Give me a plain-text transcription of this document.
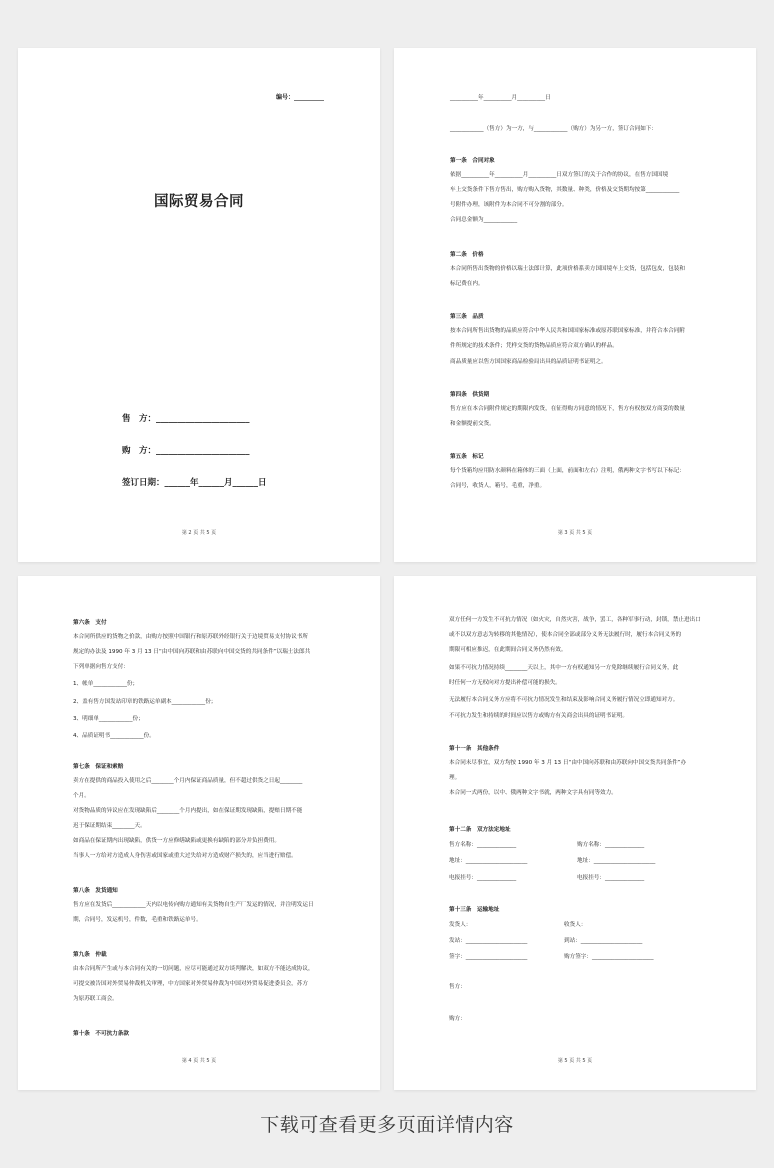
编号：__________
国际贸易合同
售　方：______________________
购　方：______________________
签订日期：______年______月______日
第 2 页 共 5 页
__________年__________月__________日
____________（售方）为一方，与____________（购方）为另一方，签订合同如下：
第一条　合同对象
依据__________年__________月__________日双方签订的关于合作的协议，在售方国国境
车上交货条件下售方售出，购方购入货物，其数量、种类，价格及交货期均按第____________
号附件办理，该附件为本合同不可分割的部分。
合同总金额为____________
第二条　价格
本合同所售出货物的价格以瑞士法郎计算，此项价格系卖方国国境车上交货，包括包皮，包装和
标记费在内。
第三条　品质
按本合同所售出货物的品质应符合中华人民共和国国家标准或原苏联国家标准，并符合本合同附
件所规定的技术条件；凭样交货的货物品质应符合双方确认的样品。
商品质量应以售方国国家商品检验局出具的品质证明书证明之。
第四条　供货期
售方应在本合同附件规定的期限内发货，在征得购方同意的情况下，售方有权按双方商妥的数量
和金额提前交货。
第五条　标记
每个货箱均应用防水颜料在箱体的三面（上面，前面和左右）注明，俄两种文字书写以下标记：
合同号，收货人，箱号，毛重，净重。
第 3 页 共 5 页
第六条　支付
本合同所供应的货物之价款，由购方按照中国银行和原苏联外经银行关于边境贸易支付协议书所
规定的办法及 1990 年 3 月 13 日“由中国向苏联和由苏联向中国交货的共同条件”以瑞士法郎共
下列单据向售方支付：
1、帐单____________份；
2、盖有售方国发站印章的铁路运单副本____________份；
3、明细单____________份；
4、品质证明书____________份。
第七条　保证和索赔
卖方在提供的商品投入使用之后________个月内保证商品质量，但不超过供货之日起________
个月。
对货物品质的异议应在发现缺陷后________个月内提出，如在保证期发现缺陷，提赔日期不能
迟于保证期结束________天。
如商品在保证期内出现缺陷，供货一方应修缮缺陷或更换有缺陷的部分并负担费用。
当事人一方给对方造成人身伤害或国家或重大过失给对方造成财产损失的，应当进行赔偿。
第八条　发货通知
售方应在发货后____________天内以电传向购方通知有关货物自生产厂发运的情况，并注明发运日
期，合同号，发运机号，件数，毛重和铁路运单号。
第九条　仲裁
由本合同所产生或与本合同有关的一切问题，应尽可能通过双方谈判解决，如双方不能达成协议，
可提交被告国对外贸易仲裁机关审理，中方国家对外贸易仲裁为中国对外贸易促进委员会，苏方
为原苏联工商会。
第十条　不可抗力条款
第 4 页 共 5 页
双方任何一方发生不可抗力情况（如火灾，自然灾害，战争，罢工，各种军事行动，封锁，禁止进出口
或不以双方意志为转移的其他情况），使本合同全部或部分义务无法履行时，履行本合同义务的
期限可相应推迟，在此期间合同义务仍然有效。
如果不可抗力情况持续________天以上，其中一方有权通知另一方免除继续履行合同义务，此
时任何一方无权向对方提出补偿可能的损失。
无法履行本合同义务方应将不可抗力情况发生和结束及影响合同义务履行情况立即通知对方。
不可抗力发生和持续的时间应以售方或购方有关商会出具的证明书证明。
第十一条　其他条件
本合同未尽事宜，双方均按 1990 年 3 月 13 日“由中国向苏联和由苏联向中国交货共同条件”办
理。
本合同一式两份，以中、俄两种文字书就，两种文字具有同等效力。
第十二条　双方法定地址
售方名称：______________	购方名称：______________
地址：______________________	地址：______________________
电报挂号：______________	电报挂号：______________
第十三条　运输地址
发货人：	收货人：
发站：______________________	到站：______________________
签字：______________________	购方签字：______________________
售方：
购方：
第 5 页 共 5 页
下载可查看更多页面详情内容
